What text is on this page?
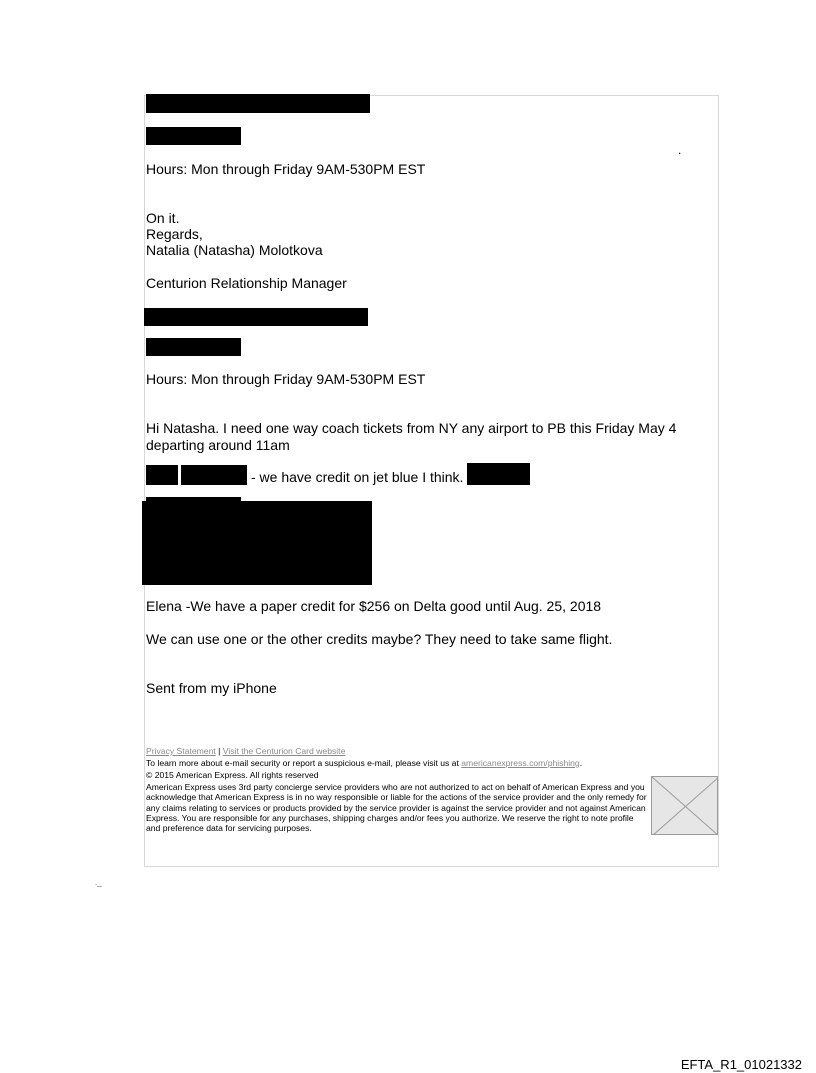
Hours: Mon through Friday 9AM-530PM EST
.
On it.
Regards,
Natalia (Natasha) Molotkova
Centurion Relationship Manager
Hours: Mon through Friday 9AM-530PM EST
Hi Natasha. I need one way coach tickets from NY any airport to PB this Friday May 4 departing around 11am
- we have credit on jet blue I think.
Elena -We have a paper credit for $256 on Delta good until Aug. 25, 2018
We can use one or the other credits maybe? They need to take same flight.
Sent from my iPhone
Privacy Statement | Visit the Centurion Card website
To learn more about e-mail security or report a suspicious e-mail, please visit us at americanexpress.com/phishing.
© 2015 American Express. All rights reserved
American Express uses 3rd party concierge service providers who are not authorized to act on behalf of American Express and you acknowledge that American Express is in no way responsible or liable for the actions of the service provider and the only remedy for any claims relating to services or products provided by the service provider is against the service provider and not against American Express. You are responsible for any purchases, shipping charges and/or fees you authorize. We reserve the right to note profile and preference data for servicing purposes.
._
EFTA_R1_01021332
